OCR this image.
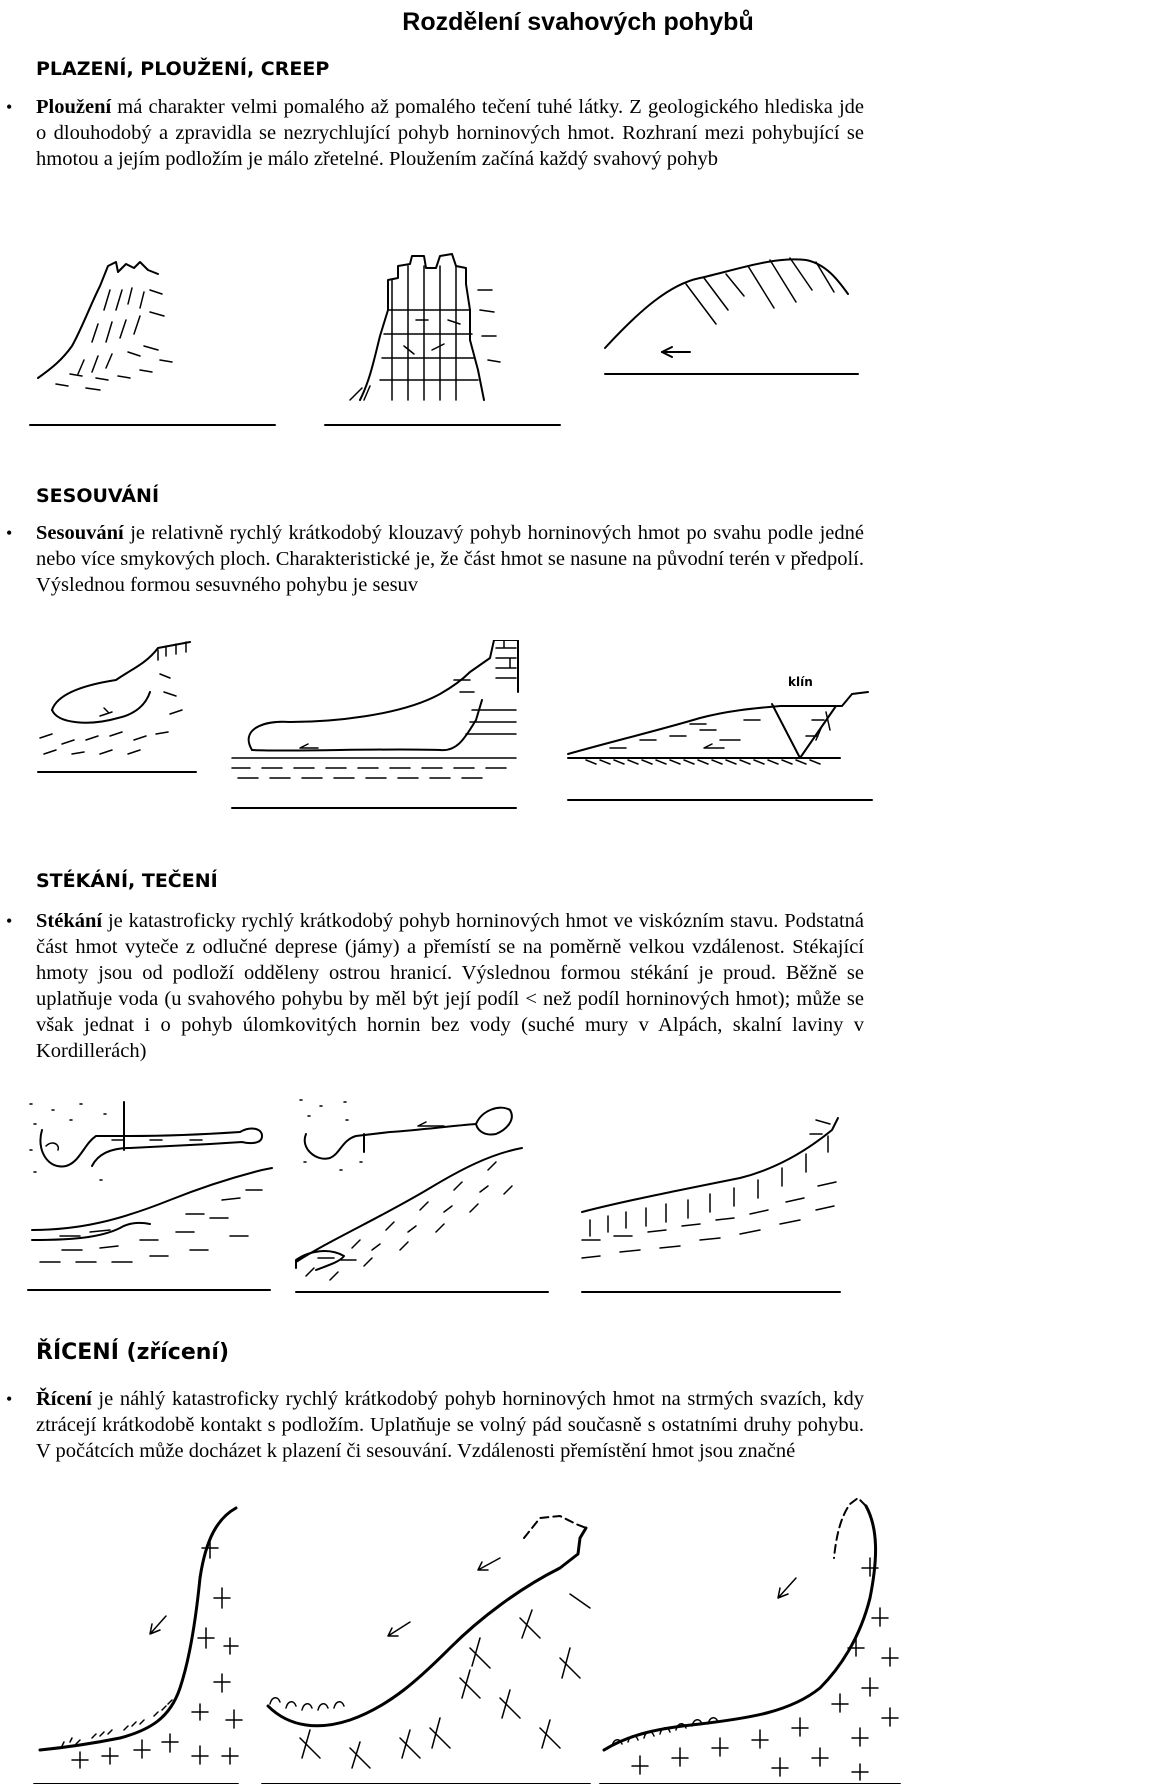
Rozdělení svahových pohybů
PLAZENÍ, PLOUŽENÍ, CREEP
• Ploužení má charakter velmi pomalého až pomalého tečení tuhé látky. Z geologického hlediska jde o dlouhodobý a zpravidla se nezrychlující pohyb horninových hmot. Rozhraní mezi pohybující se hmotou a jejím podložím je málo zřetelné. Ploužením začíná každý svahový pohyb
SESOUVÁNÍ
• Sesouvání je relativně rychlý krátkodobý klouzavý pohyb horninových hmot po svahu podle jedné nebo více smykových ploch. Charakteristické je, že část hmot se nasune na původní terén v předpolí. Výslednou formou sesuvného pohybu je sesuv
klín
STÉKÁNÍ, TEČENÍ
• Stékání je katastroficky rychlý krátkodobý pohyb horninových hmot ve viskózním stavu. Podstatná část hmot vyteče z odlučné deprese (jámy) a přemístí se na poměrně velkou vzdálenost. Stékající hmoty jsou od podloží odděleny ostrou hranicí. Výslednou formou stékání je proud. Běžně se uplatňuje voda (u svahového pohybu by měl být její podíl < než podíl horninových hmot); může se však jednat i o pohyb úlomkovitých hornin bez vody (suché mury v Alpách, skalní laviny v Kordillerách)
ŘÍCENÍ (zřícení)
• Řícení je náhlý katastroficky rychlý krátkodobý pohyb horninových hmot na strmých svazích, kdy ztrácejí krátkodobě kontakt s podložím. Uplatňuje se volný pád současně s ostatními druhy pohybu. V počátcích může docházet k plazení či sesouvání. Vzdálenosti přemístění hmot jsou značné
